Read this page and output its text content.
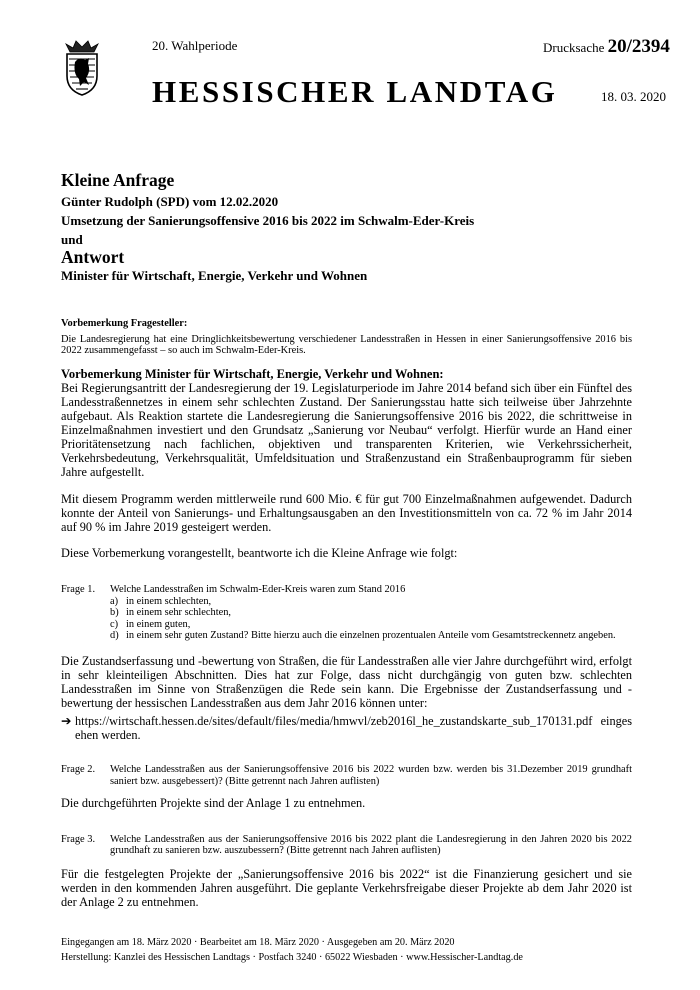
20. Wahlperiode	Drucksache 20/2394
HESSISCHER LANDTAG	18. 03. 2020
Kleine Anfrage
Günter Rudolph (SPD) vom 12.02.2020
Umsetzung der Sanierungsoffensive 2016 bis 2022 im Schwalm-Eder-Kreis
und
Antwort
Minister für Wirtschaft, Energie, Verkehr und Wohnen

Vorbemerkung Fragesteller:

Die Landesregierung hat eine Dringlichkeitsbewertung verschiedener Landesstraßen in Hessen in einer Sanierungsoffensive 2016 bis 2022 zusammengefasst – so auch im Schwalm-Eder-Kreis.

Vorbemerkung Minister für Wirtschaft, Energie, Verkehr und Wohnen:

Bei Regierungsantritt der Landesregierung der 19. Legislaturperiode im Jahre 2014 befand sich über ein Fünftel des Landesstraßennetzes in einem sehr schlechten Zustand. Der Sanierungsstau hatte sich teilweise über Jahrzehnte aufgebaut. Als Reaktion startete die Landesregierung die Sanierungsoffensive 2016 bis 2022, die schrittweise in Einzelmaßnahmen investiert und den Grundsatz „Sanierung vor Neubau“ verfolgt. Hierfür wurde an Hand einer Prioritätensetzung nach fachlichen, objektiven und transparenten Kriterien, wie Verkehrssicherheit, Verkehrsbedeutung, Verkehrsqualität, Umfeldsituation und Straßenzustand ein Straßenbauprogramm für sieben Jahre aufgestellt.

Mit diesem Programm werden mittlerweile rund 600 Mio. € für gut 700 Einzelmaßnahmen aufgewendet. Dadurch konnte der Anteil von Sanierungs- und Erhaltungsausgaben an den Investitionsmitteln von ca. 72 % im Jahr 2014 auf 90 % im Jahre 2019 gesteigert werden.

Diese Vorbemerkung vorangestellt, beantworte ich die Kleine Anfrage wie folgt:

Frage 1.	Welche Landesstraßen im Schwalm-Eder-Kreis waren zum Stand 2016
a) in einem schlechten,
b) in einem sehr schlechten,
c) in einem guten,
d) in einem sehr guten Zustand? Bitte hierzu auch die einzelnen prozentualen Anteile vom Gesamtstreckennetz angeben.

Die Zustandserfassung und -bewertung von Straßen, die für Landesstraßen alle vier Jahre durchgeführt wird, erfolgt in sehr kleinteiligen Abschnitten. Dies hat zur Folge, dass nicht durchgängig von guten bzw. schlechten Landesstraßen im Sinne von Straßenzügen die Rede sein kann. Die Ergebnisse der Zustandserfassung und -bewertung der hessischen Landesstraßen aus dem Jahr 2016 können unter:

➔ https://wirtschaft.hessen.de/sites/default/files/media/hmwvl/zeb2016l_he_zustandskarte_sub_170131.pdf eingesehen werden.
Frage 2.	Welche Landesstraßen aus der Sanierungsoffensive 2016 bis 2022 wurden bzw. werden bis 31.Dezember 2019 grundhaft saniert bzw. ausgebessert)? (Bitte getrennt nach Jahren auflisten)

Die durchgeführten Projekte sind der Anlage 1 zu entnehmen.

Frage 3.	Welche Landesstraßen aus der Sanierungsoffensive 2016 bis 2022 plant die Landesregierung in den Jahren 2020 bis 2022 grundhaft zu sanieren bzw. auszubessern? (Bitte getrennt nach Jahren auflisten)

Für die festgelegten Projekte der „Sanierungsoffensive 2016 bis 2022“ ist die Finanzierung gesichert und sie werden in den kommenden Jahren ausgeführt. Die geplante Verkehrsfreigabe dieser Projekte ab dem Jahr 2020 ist der Anlage 2 zu entnehmen.

Eingegangen am 18. März 2020 · Bearbeitet am 18. März 2020 · Ausgegeben am 20. März 2020
Herstellung: Kanzlei des Hessischen Landtags · Postfach 3240 · 65022 Wiesbaden · www.Hessischer-Landtag.de
